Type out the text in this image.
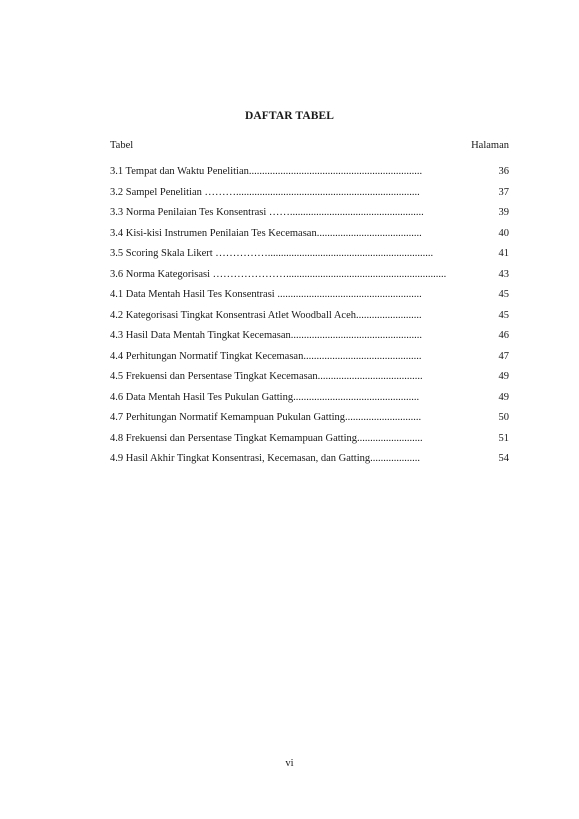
DAFTAR TABEL
Tabel	Halaman
3.1 Tempat dan Waktu Penelitian..................................................................	36
3.2 Sampel Penelitian ………......................................................................	37
3.3 Norma Penilaian Tes Konsentrasi ……...................................................	39
3.4 Kisi-kisi Instrumen Penilaian Tes Kecemasan........................................	40
3.5 Scoring Skala Likert ……………...............................................................	41
3.6 Norma Kategorisasi ………………….............................................................	43
4.1 Data Mentah Hasil Tes Konsentrasi .......................................................	45
4.2 Kategorisasi Tingkat Konsentrasi Atlet Woodball Aceh.........................	45
4.3 Hasil Data Mentah Tingkat Kecemasan..................................................	46
4.4 Perhitungan Normatif Tingkat Kecemasan.............................................	47
4.5 Frekuensi dan Persentase Tingkat Kecemasan........................................	49
4.6 Data Mentah Hasil Tes Pukulan Gatting................................................	49
4.7 Perhitungan Normatif Kemampuan Pukulan Gatting.............................	50
4.8 Frekuensi dan Persentase Tingkat Kemampuan Gatting.........................	51
4.9 Hasil Akhir Tingkat Konsentrasi, Kecemasan, dan Gatting...................	54
vi
